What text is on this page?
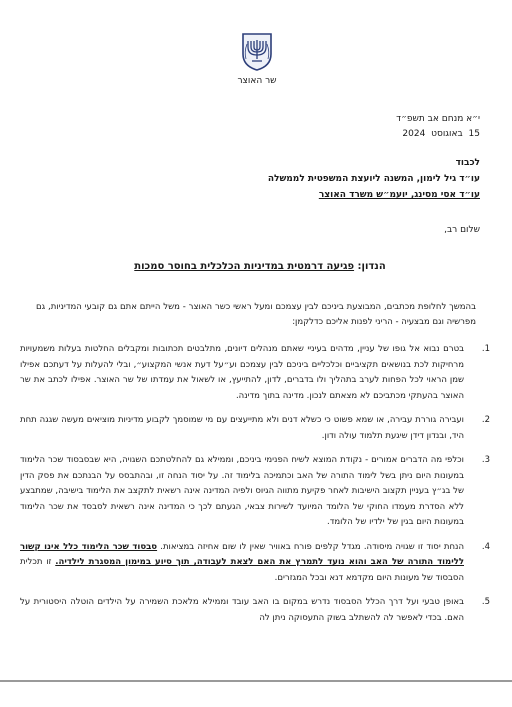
שר האוצר
י״א מנחם אב תשפ״ד
15 באוגוסט 2024
לכבוד
עו״ד גיל לימון, המשנה ליועצת המשפטית לממשלה
עו״ד אסי מסינג, יועמ״ש משרד האוצר
שלום רב,
הנדון: פגיעה דרמטית במדיניות הכלכלית בחוסר סמכות
בהמשך לחלופת מכתבים, המבוצעת ביניכם לבין עצמכם ומעל ראשי כשר האוצר - משל הייתם אתם גם קובעי המדיניות, גם מפרשיה וגם מבצעיה - הריני לפנות אליכם כדלקמן:
1.
בטרם נבוא אל גופו של עניין, מדהים בעיניי שאתם מנהלים דיונים, מתלבטים תכתובות ומקבלים החלטות בעלות משמעויות מרחיקות לכת בנושאים תקציביים וכלכליים ביניכם לבין עצמכם וע״על דעת אנשי המקצוע״, ובלי להעלות על דעתכם אפילו שמן הראוי לכל הפחות לערב בתהליך ולו בדברים, לדון, להתייעץ, או לשאול את עמדתו של שר האוצר. אפילו לכתב את שר האוצר בהעתקי מכתביכם לא מצאתם לנכון. מדינה בתוך מדינה.
2.
ועבירה גוררת עבירה, או שמא פשוט כי כשלא דנים ולא מתייעצים עם מי שמוסמך לקבוע מדיניות מוציאים מעשה שגגה תחת היד, ובנדון דידן שיגעת תלמוד עולה ודון.
3.
וכלפי מה הדברים אמורים - נקודת המוצא לשיח הפנימי ביניכם, וממילא גם להחלטתכם השגויה, היא שבסבסוד שכר הלימוד במעונות היום ניתן בשל לימוד התורה של האב וכתמיכה בלימוד זה. על יסוד הנחה זו, ובהתבסס על הבנתכם את פסק הדין של בג״ץ בעניין תקצוב הישיבות לאחר פקיעת מתווה הגיוס ולפיה המדינה אינה רשאית לתקצב את הלימוד בישיבה, שמתבצע ללא הסדרת מעמדו החוקי של הלומד המיועד לשירות צבאי, הגעתם לכך כי המדינה אינה רשאית לסבסד את שכר הלימוד במעונות היום בגין של ילדיו של הלומד.
4.
הנחת יסוד זו שגויה מיסודה. מגדל קלפים פורח באוויר שאין לו שום אחיזה במציאות. סבסוד שכר הלימוד כלל אינו קשור ללימוד התורה של האב והוא נועד לתמרץ את האם לצאת לעבודה, תוך סיוע במימון המסגרת לילדיה. זו תכלית הסבסוד של מעונות היום מקדמא דנא ובכל המגזרים.
5.
באופן טבעי ועל דרך הכלל הסבסוד נדרש במקום בו האב עובד וממילא מלאכת השמירה על הילדים הוטלה היסטורית על האם. בכדי לאפשר לה להשתלב בשוק התעסוקה ניתן לה
